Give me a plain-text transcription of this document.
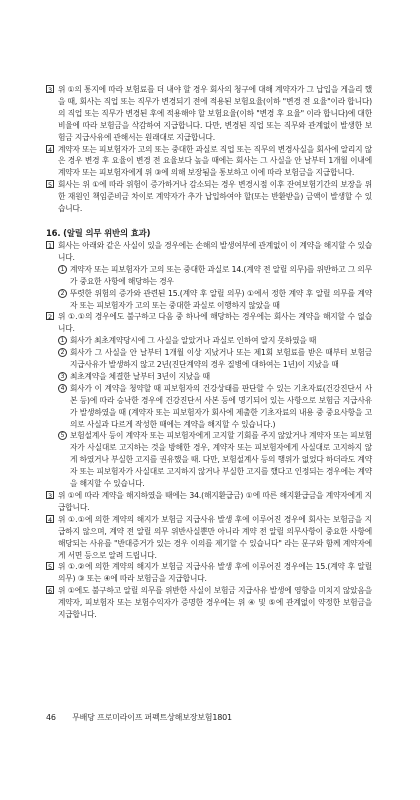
3 위 ①의 통지에 따라 보험료를 더 내야 할 경우 회사의 청구에 대해 계약자가 그 납입을 게을리 했을 때, 회사는 직업 또는 직무가 변경되기 전에 적용된 보험요율(이하 "변경 전 요율"이라 합니다)의 직업 또는 직무가 변경된 후에 적용해야 할 보험요율(이하 "변경 후 요율" 이라 합니다)에 대한 비율에 따라 보험금을 삭감하여 지급합니다. 다만, 변경된 직업 또는 직무와 관계없이 발생한 보험금 지급사유에 관해서는 원래대로 지급합니다.
4 계약자 또는 피보험자가 고의 또는 중대한 과실로 직업 또는 직무의 변경사실을 회사에 알리지 않은 경우 변경 후 요율이 변경 전 요율보다 높을 때에는 회사는 그 사실을 안 날부터 1개월 이내에 계약자 또는 피보험자에게 위 ③에 의해 보장됨을 통보하고 이에 따라 보험금을 지급합니다.
5 회사는 위 ①에 따라 위험이 증가하거나 감소되는 경우 변경시점 이후 잔여보험기간의 보장을 위한 재원인 책임준비금 차이로 계약자가 추가 납입하여야 할(또는 반환받을) 금액이 발생할 수 있습니다.
16. (알릴 의무 위반의 효과)
1 회사는 아래와 같은 사실이 있을 경우에는 손해의 발생여부에 관계없이 이 계약을 해지할 수 있습니다.
1 계약자 또는 피보험자가 고의 또는 중대한 과실로 14.(계약 전 알릴 의무)를 위반하고 그 의무가 중요한 사항에 해당하는 경우
2 뚜렷한 위험의 증가와 관련된 15.(계약 후 알릴 의무) ①에서 정한 계약 후 알릴 의무를 계약자 또는 피보험자가 고의 또는 중대한 과실로 이행하지 않았을 때
2 위 ①.①의 경우에도 불구하고 다음 중 하나에 해당하는 경우에는 회사는 계약을 해지할 수 없습니다.
1 회사가 최초계약당시에 그 사실을 알았거나 과실로 인하여 알지 못하였을 때
2 회사가 그 사실을 안 날부터 1개월 이상 지났거나 또는 제1회 보험료를 받은 때부터 보험금 지급사유가 발생하지 않고 2년(진단계약의 경우 질병에 대하여는 1년)이 지났을 때
3 최초계약을 체결한 날부터 3년이 지났을 때
4 회사가 이 계약을 청약할 때 피보험자의 건강상태를 판단할 수 있는 기초자료(건강진단서 사본 등)에 따라 승낙한 경우에 건강진단서 사본 등에 명기되어 있는 사항으로 보험금 지급사유가 발생하였을 때 (계약자 또는 피보험자가 회사에 제출한 기초자료의 내용 중 중요사항을 고의로 사실과 다르게 작성한 때에는 계약을 해지할 수 있습니다.)
5 보험설계사 등이 계약자 또는 피보험자에게 고지할 기회를 주지 않았거나 계약자 또는 피보험자가 사실대로 고지하는 것을 방해한 경우, 계약자 또는 피보험자에게 사실대로 고지하지 않게 하였거나 부실한 고지를 권유했을 때. 다만, 보험설계사 등의 행위가 없었다 하더라도 계약자 또는 피보험자가 사실대로 고지하지 않거나 부실한 고지를 했다고 인정되는 경우에는 계약을 해지할 수 있습니다.
3 위 ①에 따라 계약을 해지하였을 때에는 34.(해지환급금) ①에 따른 해지환급금을 계약자에게 지급합니다.
4 위 ①.①에 의한 계약의 해지가 보험금 지급사유 발생 후에 이루어진 경우에 회사는 보험금을 지급하지 않으며, 계약 전 알릴 의무 위반사실뿐만 아니라 계약 전 알릴 의무사항이 중요한 사항에 해당되는 사유를 "반대증거가 있는 경우 이의를 제기할 수 있습니다" 라는 문구와 함께 계약자에게 서면 등으로 알려 드립니다.
5 위 ①.②에 의한 계약의 해지가 보험금 지급사유 발생 후에 이루어진 경우에는 15.(계약 후 알릴 의무) ③ 또는 ④에 따라 보험금을 지급합니다.
6 위 ①에도 불구하고 알릴 의무를 위반한 사실이 보험금 지급사유 발생에 영향을 미치지 않았음을 계약자, 피보험자 또는 보험수익자가 증명한 경우에는 위 ④ 및 ⑤에 관계없이 약정한 보험금을 지급합니다.
46 무배당 프로미라이프 퍼펙트상해보장보험1801
